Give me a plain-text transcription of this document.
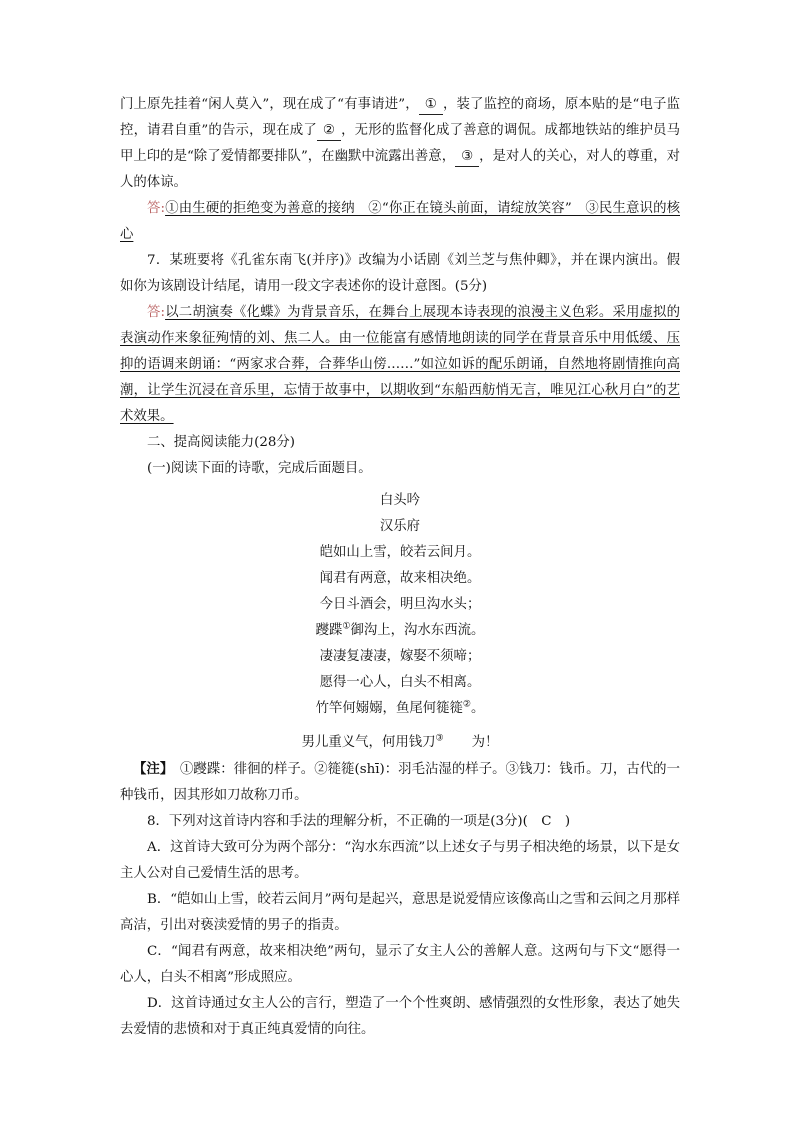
门上原先挂着“闲人莫入”，现在成了“有事请进”， ① ，装了监控的商场，原本贴的是“电子监控，请君自重”的告示，现在成了 ② ，无形的监督化成了善意的调侃。成都地铁站的维护员马甲上印的是“除了爱情都要排队”，在幽默中流露出善意， ③ ，是对人的关心，对人的尊重，对人的体谅。

答:①由生硬的拒绝变为善意的接纳　②“你正在镜头前面，请绽放笑容”　③民生意识的核心

7．某班要将《孔雀东南飞(并序)》改编为小话剧《刘兰芝与焦仲卿》，并在课内演出。假如你为该剧设计结尾，请用一段文字表述你的设计意图。(5分)

答:以二胡演奏《化蝶》为背景音乐，在舞台上展现本诗表现的浪漫主义色彩。采用虚拟的表演动作来象征殉情的刘、焦二人。由一位能富有感情地朗读的同学在背景音乐中用低缓、压抑的语调来朗诵：“两家求合葬，合葬华山傍……”如泣如诉的配乐朗诵，自然地将剧情推向高潮，让学生沉浸在音乐里，忘情于故事中，以期收到“东船西舫悄无言，唯见江心秋月白”的艺术效果。

二、提高阅读能力(28分)

(一)阅读下面的诗歌，完成后面题目。

白头吟

汉乐府

皑如山上雪，皎若云间月。

闻君有两意，故来相决绝。

今日斗酒会，明旦沟水头；

躞蹀①御沟上，沟水东西流。

凄凄复凄凄，嫁娶不须啼；

愿得一心人，白头不相离。

竹竿何嫋嫋，鱼尾何簁簁②。

男儿重义气，何用钱刀③ 为！

【注】　 ①躞蹀：徘徊的样子。②簁簁(shī)：羽毛沾湿的样子。③钱刀：钱币。刀，古代的一种钱币，因其形如刀故称刀币。

8．下列对这首诗内容和手法的理解分析，不正确的一项是(3分)(　C　)

A．这首诗大致可分为两个部分：“沟水东西流”以上述女子与男子相决绝的场景，以下是女主人公对自己爱情生活的思考。

B．“皑如山上雪，皎若云间月”两句是起兴，意思是说爱情应该像高山之雪和云间之月那样高洁，引出对亵渎爱情的男子的指责。

C．“闻君有两意，故来相决绝”两句，显示了女主人公的善解人意。这两句与下文“愿得一心人，白头不相离”形成照应。

D．这首诗通过女主人公的言行，塑造了一个个性爽朗、感情强烈的女性形象，表达了她失去爱情的悲愤和对于真正纯真爱情的向往。
